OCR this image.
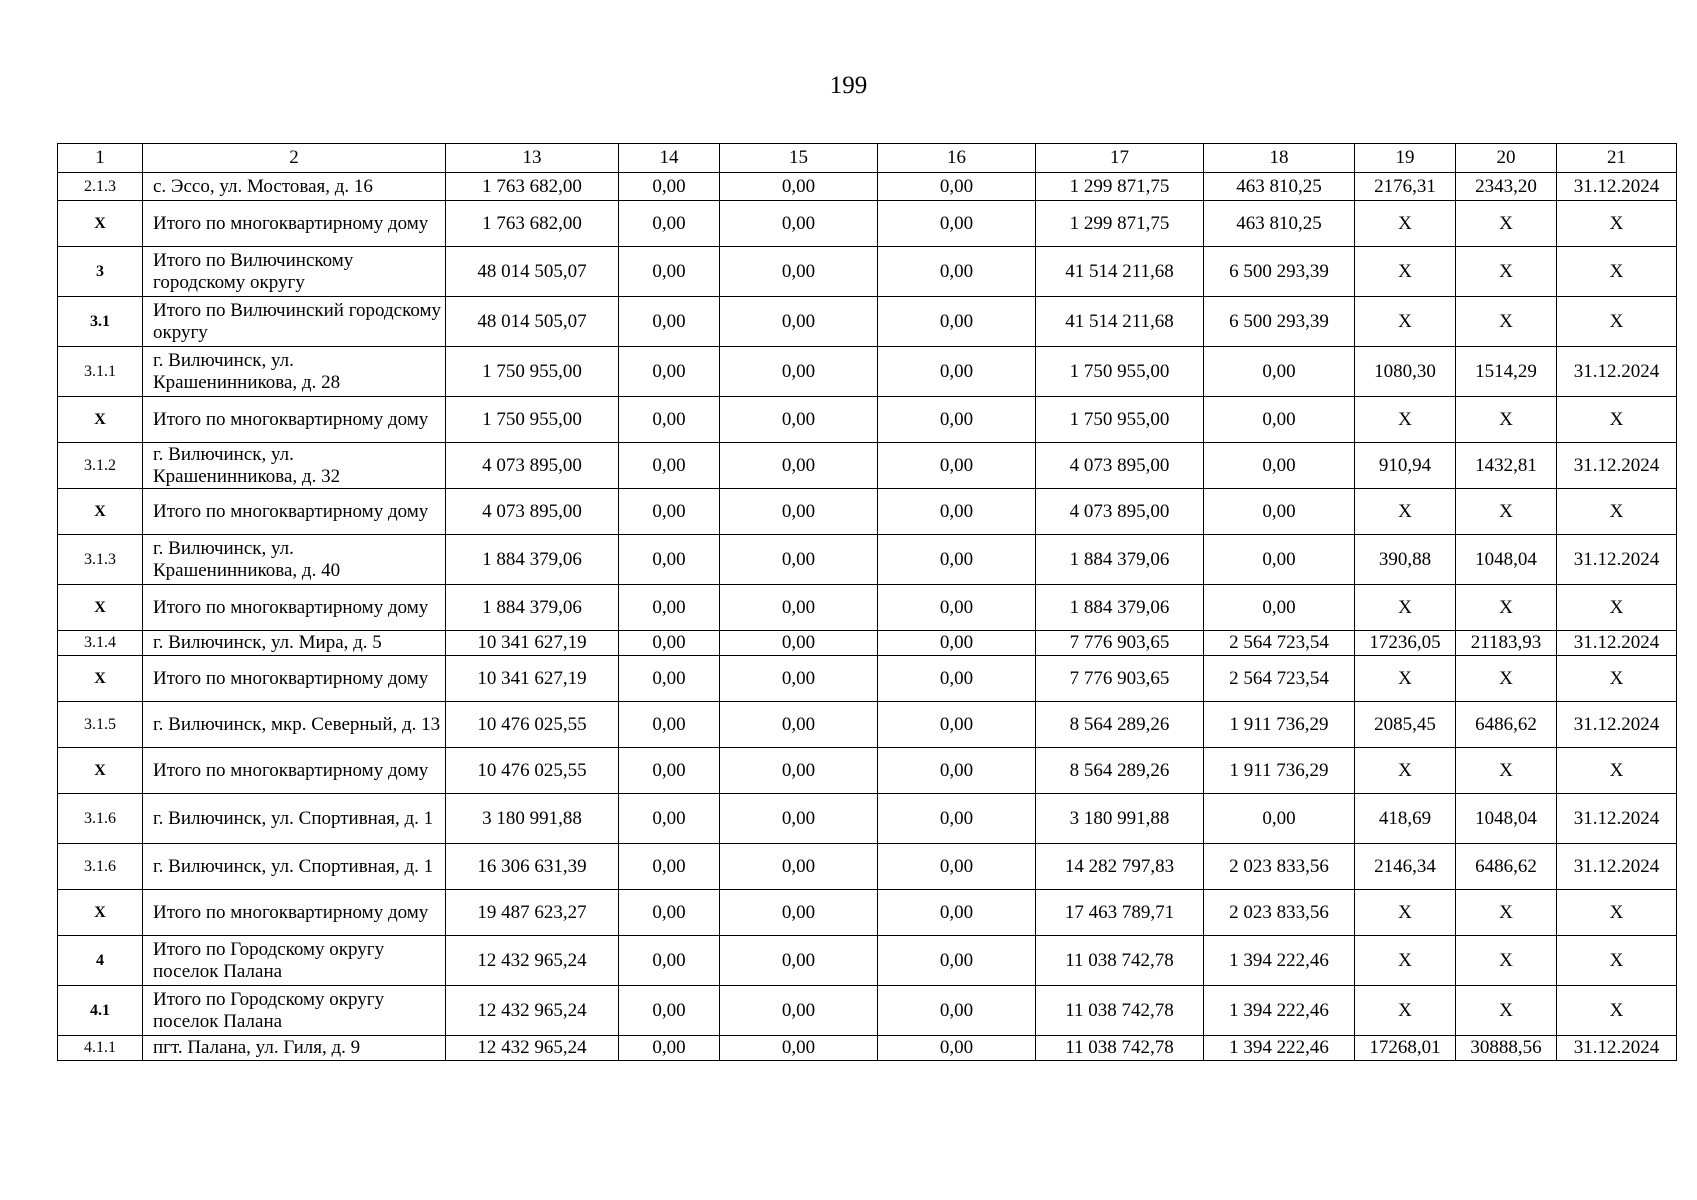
199
1	2	13	14	15	16	17	18	19	20	21
2.1.3	с. Эссо, ул. Мостовая, д. 16	1 763 682,00	0,00	0,00	0,00	1 299 871,75	463 810,25	2176,31	2343,20	31.12.2024
Х	Итого по многоквартирному дому	1 763 682,00	0,00	0,00	0,00	1 299 871,75	463 810,25	Х	Х	Х
3	Итого по Вилючинскому городскому округу	48 014 505,07	0,00	0,00	0,00	41 514 211,68	6 500 293,39	Х	Х	Х
3.1	Итого по Вилючинский городскому округу	48 014 505,07	0,00	0,00	0,00	41 514 211,68	6 500 293,39	Х	Х	Х
3.1.1	г. Вилючинск, ул. Крашенинникова, д. 28	1 750 955,00	0,00	0,00	0,00	1 750 955,00	0,00	1080,30	1514,29	31.12.2024
Х	Итого по многоквартирному дому	1 750 955,00	0,00	0,00	0,00	1 750 955,00	0,00	Х	Х	Х
3.1.2	г. Вилючинск, ул. Крашенинникова, д. 32	4 073 895,00	0,00	0,00	0,00	4 073 895,00	0,00	910,94	1432,81	31.12.2024
Х	Итого по многоквартирному дому	4 073 895,00	0,00	0,00	0,00	4 073 895,00	0,00	Х	Х	Х
3.1.3	г. Вилючинск, ул. Крашенинникова, д. 40	1 884 379,06	0,00	0,00	0,00	1 884 379,06	0,00	390,88	1048,04	31.12.2024
Х	Итого по многоквартирному дому	1 884 379,06	0,00	0,00	0,00	1 884 379,06	0,00	Х	Х	Х
3.1.4	г. Вилючинск, ул. Мира, д. 5	10 341 627,19	0,00	0,00	0,00	7 776 903,65	2 564 723,54	17236,05	21183,93	31.12.2024
Х	Итого по многоквартирному дому	10 341 627,19	0,00	0,00	0,00	7 776 903,65	2 564 723,54	Х	Х	Х
3.1.5	г. Вилючинск, мкр. Северный, д. 13	10 476 025,55	0,00	0,00	0,00	8 564 289,26	1 911 736,29	2085,45	6486,62	31.12.2024
Х	Итого по многоквартирному дому	10 476 025,55	0,00	0,00	0,00	8 564 289,26	1 911 736,29	Х	Х	Х
3.1.6	г. Вилючинск, ул. Спортивная, д. 1	3 180 991,88	0,00	0,00	0,00	3 180 991,88	0,00	418,69	1048,04	31.12.2024
3.1.6	г. Вилючинск, ул. Спортивная, д. 1	16 306 631,39	0,00	0,00	0,00	14 282 797,83	2 023 833,56	2146,34	6486,62	31.12.2024
Х	Итого по многоквартирному дому	19 487 623,27	0,00	0,00	0,00	17 463 789,71	2 023 833,56	Х	Х	Х
4	Итого по Городскому округу поселок Палана	12 432 965,24	0,00	0,00	0,00	11 038 742,78	1 394 222,46	Х	Х	Х
4.1	Итого по Городскому округу поселок Палана	12 432 965,24	0,00	0,00	0,00	11 038 742,78	1 394 222,46	Х	Х	Х
4.1.1	пгт. Палана, ул. Гиля, д. 9	12 432 965,24	0,00	0,00	0,00	11 038 742,78	1 394 222,46	17268,01	30888,56	31.12.2024
